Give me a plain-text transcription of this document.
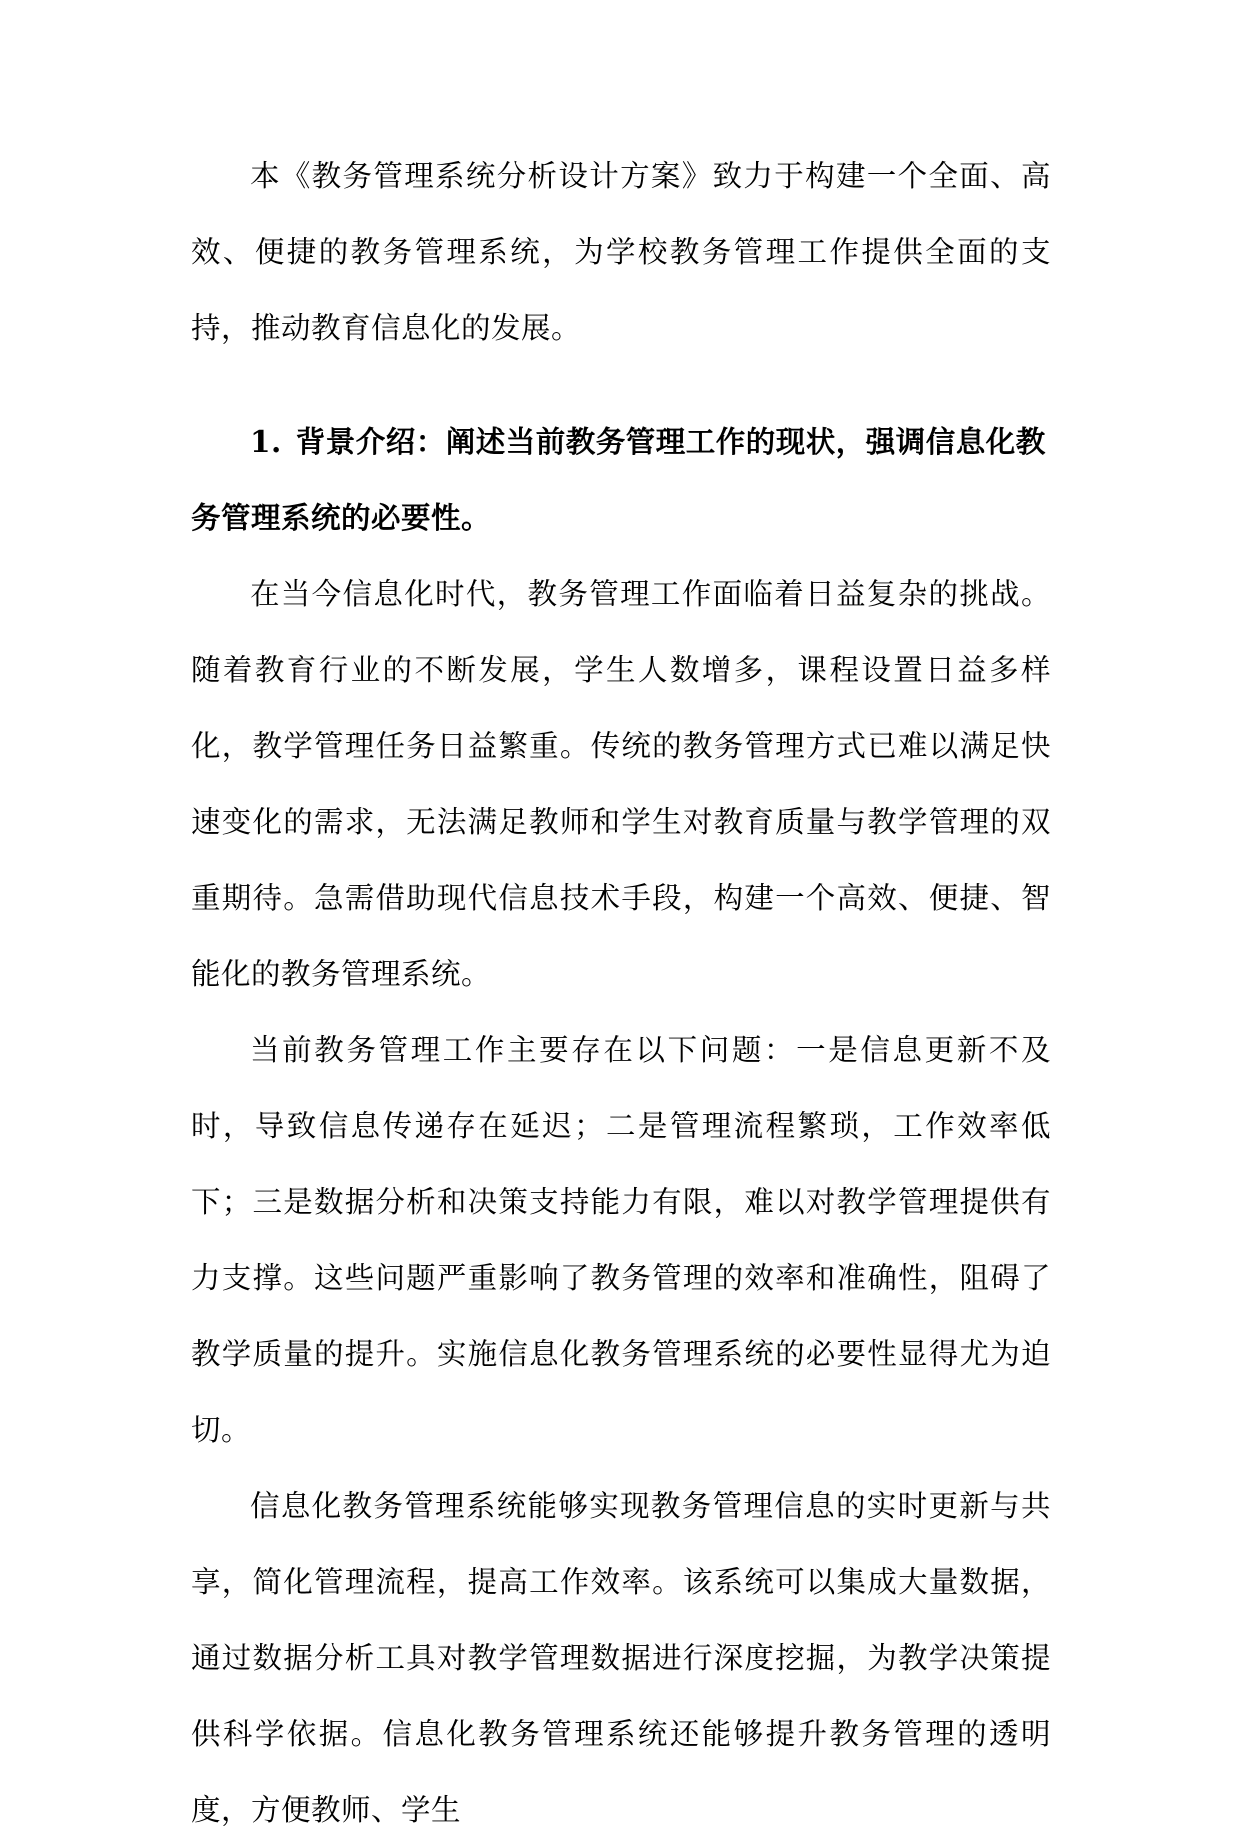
本《教务管理系统分析设计方案》致力于构建一个全面、高效、便捷的教务管理系统，为学校教务管理工作提供全面的支持，推动教育信息化的发展。

1. 背景介绍：阐述当前教务管理工作的现状，强调信息化教务管理系统的必要性。

在当今信息化时代，教务管理工作面临着日益复杂的挑战。随着教育行业的不断发展，学生人数增多，课程设置日益多样化，教学管理任务日益繁重。传统的教务管理方式已难以满足快速变化的需求，无法满足教师和学生对教育质量与教学管理的双重期待。急需借助现代信息技术手段，构建一个高效、便捷、智能化的教务管理系统。

当前教务管理工作主要存在以下问题：一是信息更新不及时，导致信息传递存在延迟；二是管理流程繁琐，工作效率低下；三是数据分析和决策支持能力有限，难以对教学管理提供有力支撑。这些问题严重影响了教务管理的效率和准确性，阻碍了教学质量的提升。实施信息化教务管理系统的必要性显得尤为迫切。

信息化教务管理系统能够实现教务管理信息的实时更新与共享，简化管理流程，提高工作效率。该系统可以集成大量数据，通过数据分析工具对教学管理数据进行深度挖掘，为教学决策提供科学依据。信息化教务管理系统还能够提升教务管理的透明度，方便教师、学生
